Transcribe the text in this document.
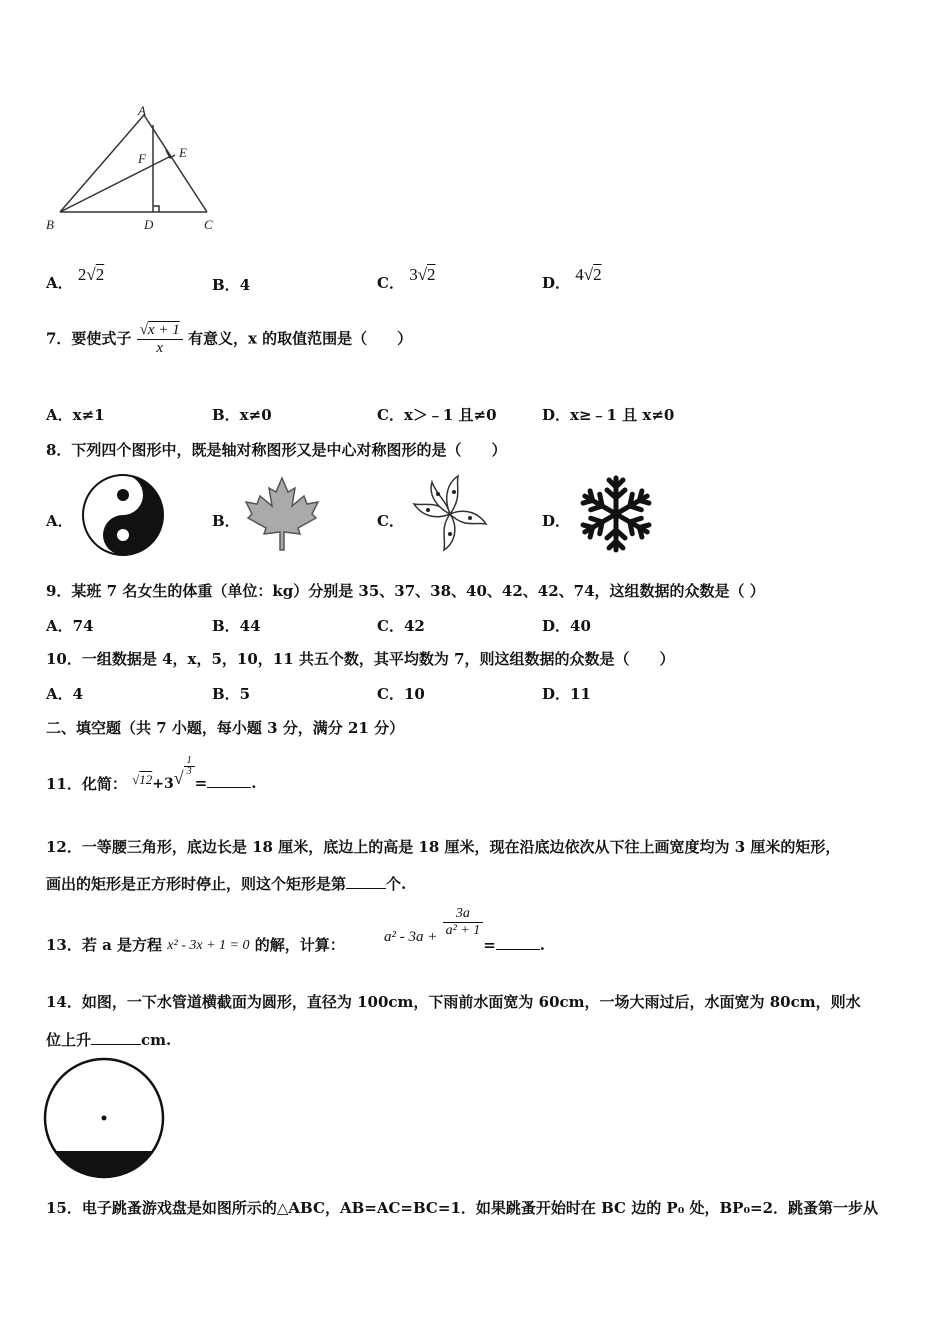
A
B	D	C
E
F
A． 2√2
B．4	C． 3√2	D． 4√2
7．要使式子 $\frac{√x + 1}{x}$ 有意义，x 的取值范围是（　　）
A．x≠1	B．x≠0	C．x＞﹣1 且≠0	D．x≥﹣1 且 x≠0
8．下列四个图形中，既是轴对称图形又是中心对称图形的是（　　）
A．	B．	C．	D．
9．某班 7 名女生的体重（单位：kg）分别是 35、37、38、40、42、42、74，这组数据的众数是（ ）
A．74	B．44	C．42	D．40
10．一组数据是 4，x，5，10，11 共五个数，其平均数为 7，则这组数据的众数是（　　）
A．4	B．5	C．10	D．11
二、填空题（共 7 小题，每小题 3 分，满分 21 分）
11．化简： √12+3√
$\frac{1}{3}$
=	.
12．一等腰三角形，底边长是 18 厘米，底边上的高是 18 厘米，现在沿底边依次从下往上画宽度均为 3 厘米的矩形，
画出的矩形是正方形时停止，则这个矩形是第	个.
13．若 a 是方程 x² - 3x + 1 = 0 的解，计算：	$a^2 - 3a + \frac{3a}{\text{a² + 1}}$
=	.
14．如图，一下水管道横截面为圆形，直径为 100cm，下雨前水面宽为 60cm，一场大雨过后，水面宽为 80cm，则水
位上升	cm.
15．电子跳蚤游戏盘是如图所示的△ABC，AB=AC=BC=1．如果跳蚤开始时在 BC 边的 P₀ 处，BP₀=2．跳蚤第一步从
